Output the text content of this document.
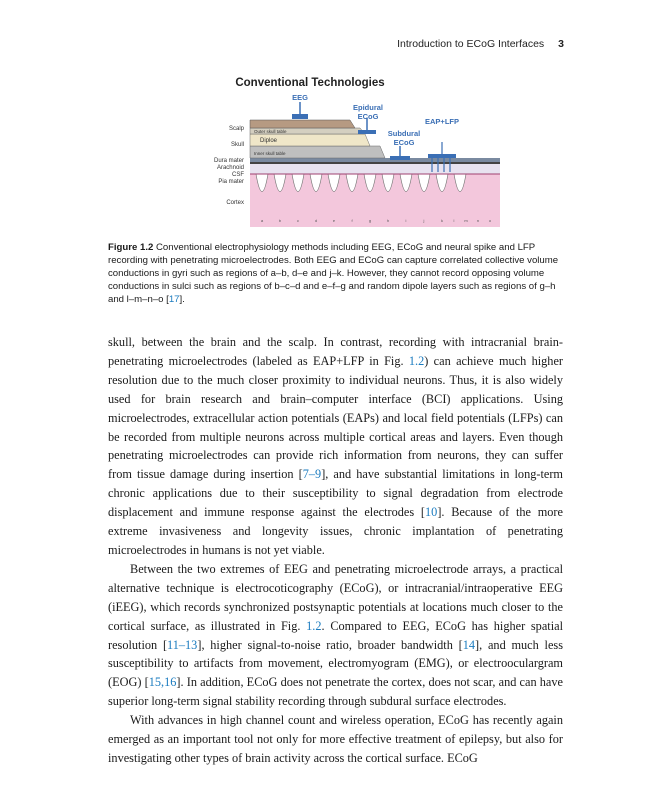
Introduction to ECoG Interfaces 3
Conventional Technologies
EEG
Epidural
ECoG
EAP+LFP
Subdural
ECoG
Scalp
Skull
Dura mater
Arachnoid
CSF
Pia mater
Cortex
Outer skull table
Diploe
Inner skull table
a	b	c	d	e	f	g	h	i	j	k	l m n o
Figure 1.2 Conventional electrophysiology methods including EEG, ECoG and neural spike and LFP recording with penetrating microelectrodes. Both EEG and ECoG can capture correlated collective volume conductions in gyri such as regions of a–b, d–e and j–k. However, they cannot record opposing volume conductions in sulci such as regions of b–c–d and e–f–g and random dipole layers such as regions of g–h and l–m–n–o [17].

skull, between the brain and the scalp. In contrast, recording with intracranial brain-penetrating microelectrodes (labeled as EAP+LFP in Fig. 1.2) can achieve much higher resolution due to the much closer proximity to individual neurons. Thus, it is also widely used for brain research and brain–computer interface (BCI) applications. Using microelectrodes, extracellular action potentials (EAPs) and local field potentials (LFPs) can be recorded from multiple neurons across multiple cortical areas and layers. Even though penetrating microelectrodes can provide rich information from neurons, they can suffer from tissue damage during insertion [7–9], and have substantial limitations in long-term chronic applications due to their susceptibility to signal degradation from electrode displacement and immune response against the electrodes [10]. Because of the more extreme invasiveness and longevity issues, chronic implantation of penetrating microelectrodes in humans is not yet viable.

Between the two extremes of EEG and penetrating microelectrode arrays, a practical alternative technique is electrocoticography (ECoG), or intracranial/intraoperative EEG (iEEG), which records synchronized postsynaptic potentials at locations much closer to the cortical surface, as illustrated in Fig. 1.2. Compared to EEG, ECoG has higher spatial resolution [11–13], higher signal-to-noise ratio, broader bandwidth [14], and much less susceptibility to artifacts from movement, electromyogram (EMG), or electrooculargram (EOG) [15,16]. In addition, ECoG does not penetrate the cortex, does not scar, and can have superior long-term signal stability recording through subdural surface electrodes.

With advances in high channel count and wireless operation, ECoG has recently again emerged as an important tool not only for more effective treatment of epilepsy, but also for investigating other types of brain activity across the cortical surface. ECoG
